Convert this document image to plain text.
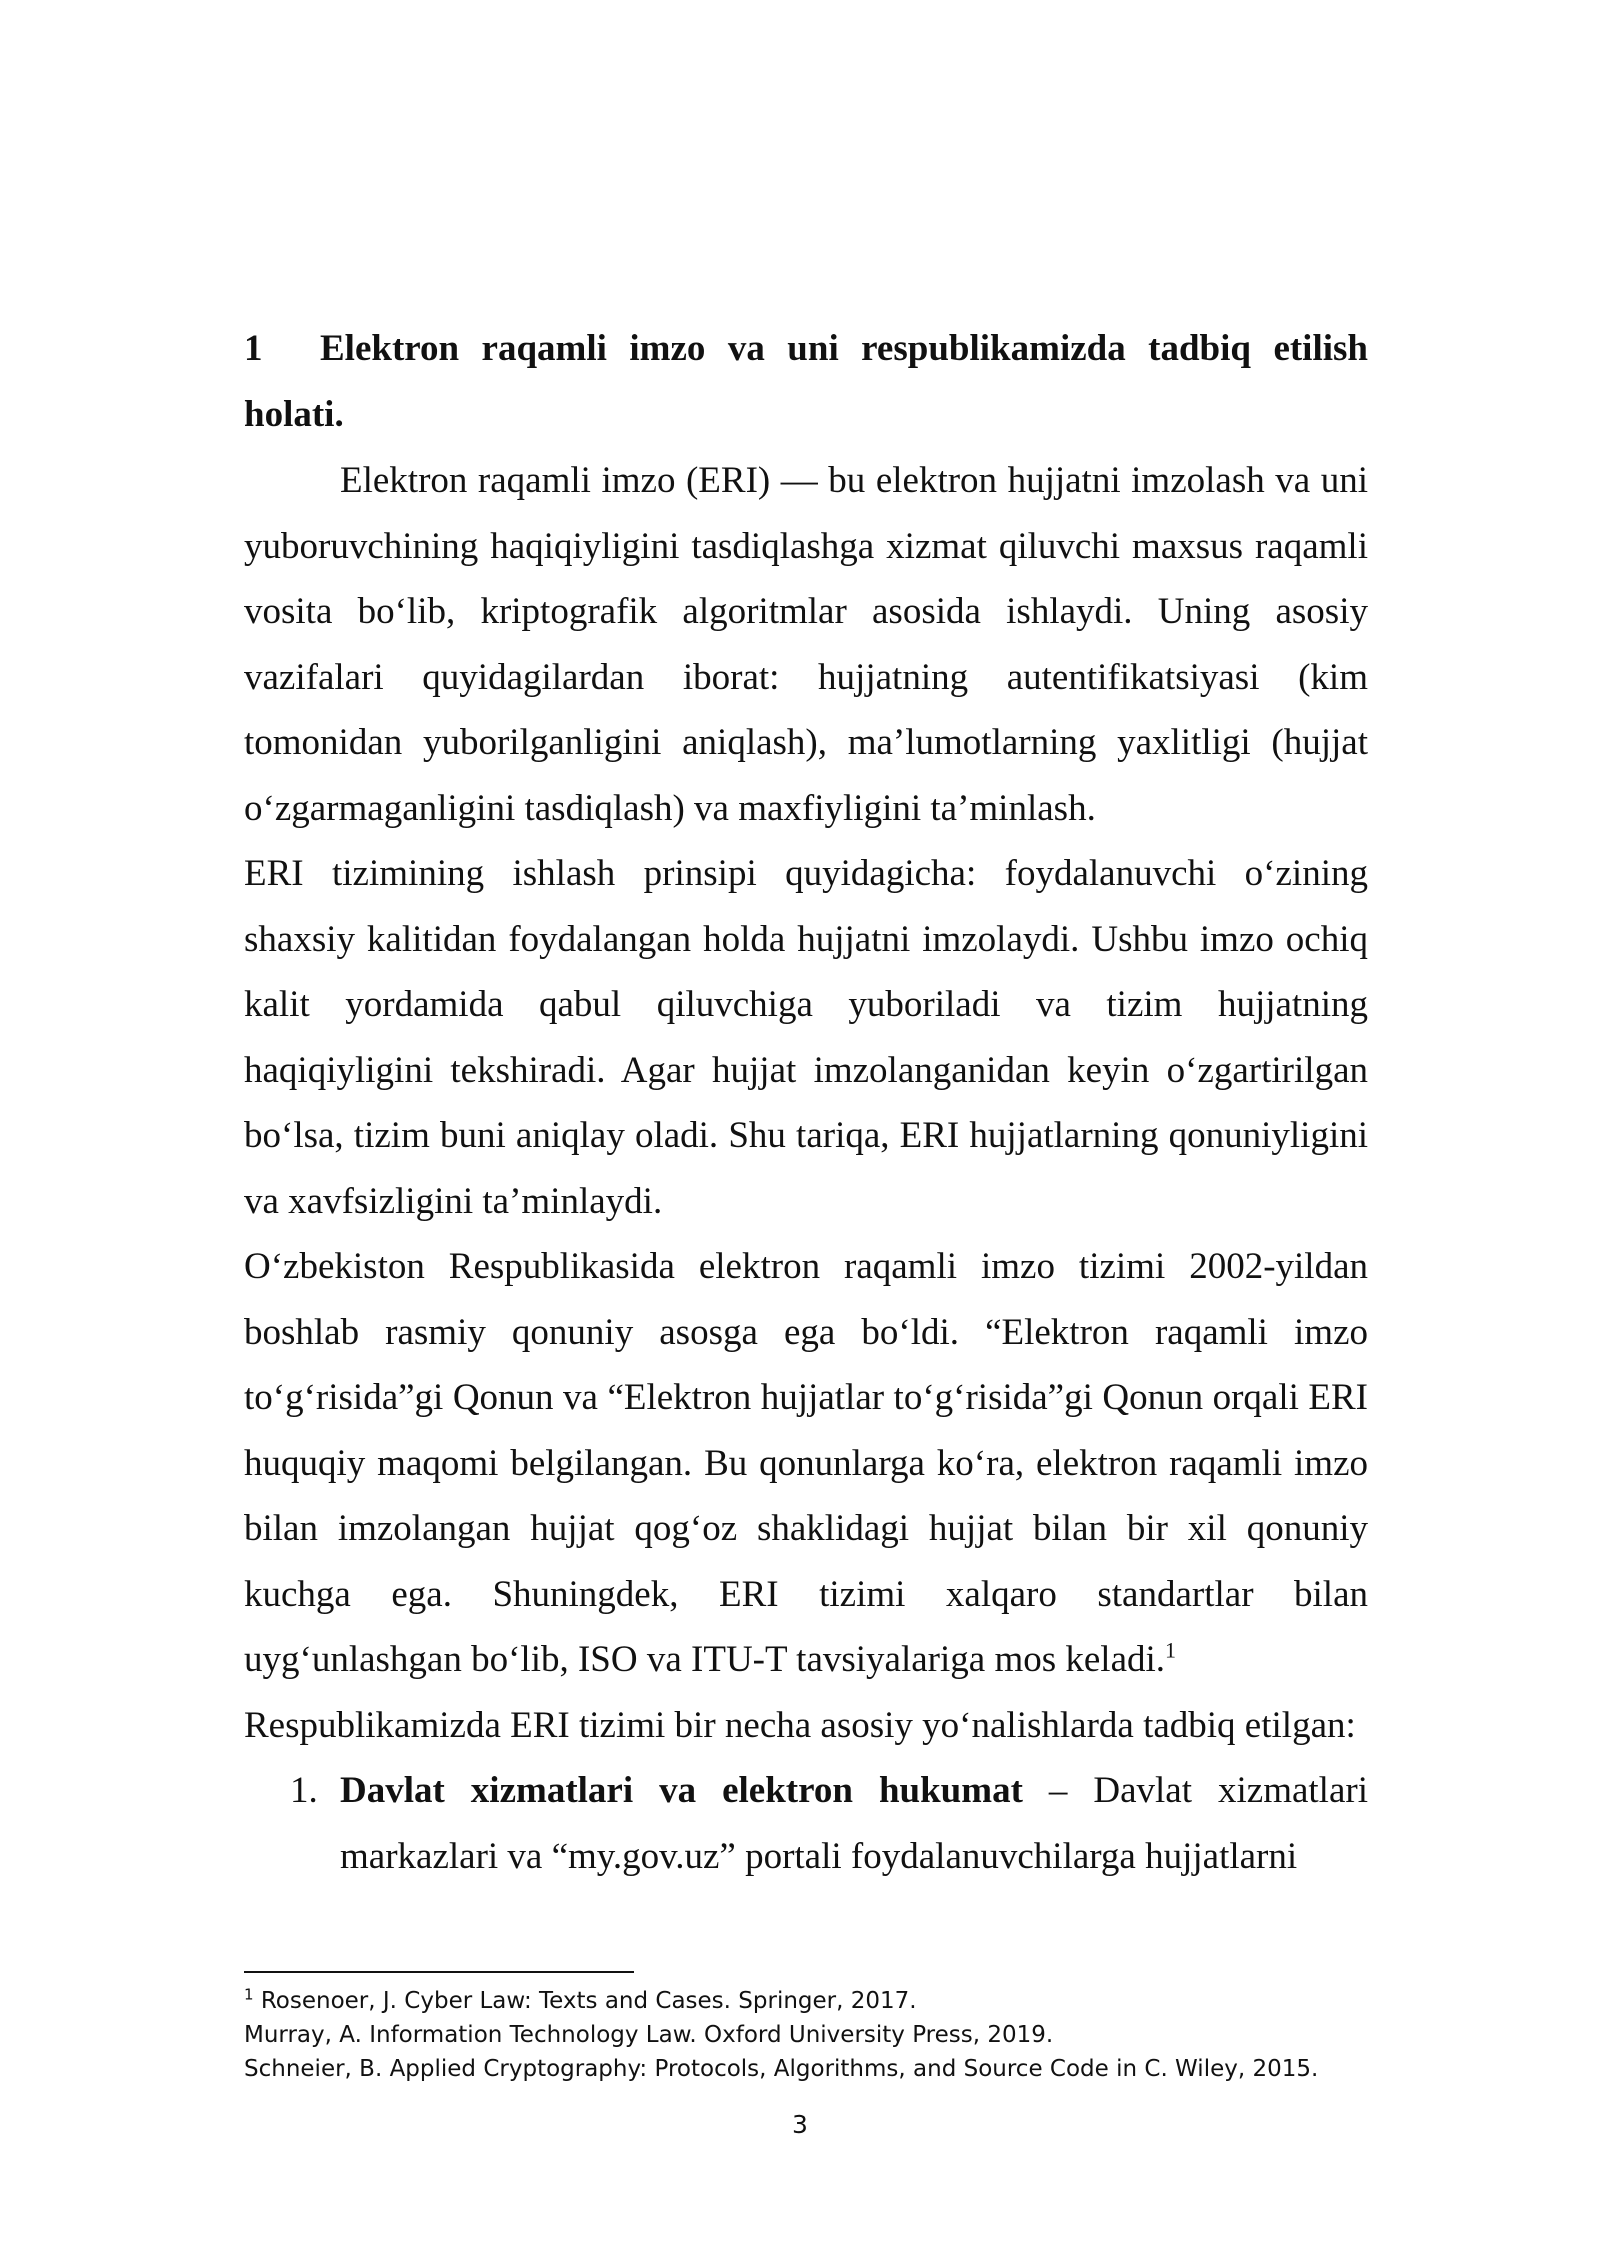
1 Elektron raqamli imzo va uni respublikamizda tadbiq etilish holati.

Elektron raqamli imzo (ERI) — bu elektron hujjatni imzolash va uni yuboruvchining haqiqiyligini tasdiqlashga xizmat qiluvchi maxsus raqamli vosita bo‘lib, kriptografik algoritmlar asosida ishlaydi. Uning asosiy vazifalari quyidagilardan iborat: hujjatning autentifikatsiyasi (kim tomonidan yuborilganligini aniqlash), ma’lumotlarning yaxlitligi (hujjat o‘zgarmaganligini tasdiqlash) va maxfiyligini ta’minlash.

ERI tizimining ishlash prinsipi quyidagicha: foydalanuvchi o‘zining shaxsiy kalitidan foydalangan holda hujjatni imzolaydi. Ushbu imzo ochiq kalit yordamida qabul qiluvchiga yuboriladi va tizim hujjatning haqiqiyligini tekshiradi. Agar hujjat imzolanganidan keyin o‘zgartirilgan bo‘lsa, tizim buni aniqlay oladi. Shu tariqa, ERI hujjatlarning qonuniyligini va xavfsizligini ta’minlaydi.

O‘zbekiston Respublikasida elektron raqamli imzo tizimi 2002-yildan boshlab rasmiy qonuniy asosga ega bo‘ldi. “Elektron raqamli imzo to‘g‘risida”gi Qonun va “Elektron hujjatlar to‘g‘risida”gi Qonun orqali ERI huquqiy maqomi belgilangan. Bu qonunlarga ko‘ra, elektron raqamli imzo bilan imzolangan hujjat qog‘oz shaklidagi hujjat bilan bir xil qonuniy kuchga ega. Shuningdek, ERI tizimi xalqaro standartlar bilan uyg‘unlashgan bo‘lib, ISO va ITU-T tavsiyalariga mos keladi.$^1$

Respublikamizda ERI tizimi bir necha asosiy yo‘nalishlarda tadbiq etilgan:

1. Davlat xizmatlari va elektron hukumat – Davlat xizmatlari markazlari va “my.gov.uz” portali foydalanuvchilarga hujjatlarni

$^1$ Rosenoer, J. Cyber Law: Texts and Cases. Springer, 2017.

Murray, A. Information Technology Law. Oxford University Press, 2019.

Schneier, B. Applied Cryptography: Protocols, Algorithms, and Source Code in C. Wiley, 2015.

3
